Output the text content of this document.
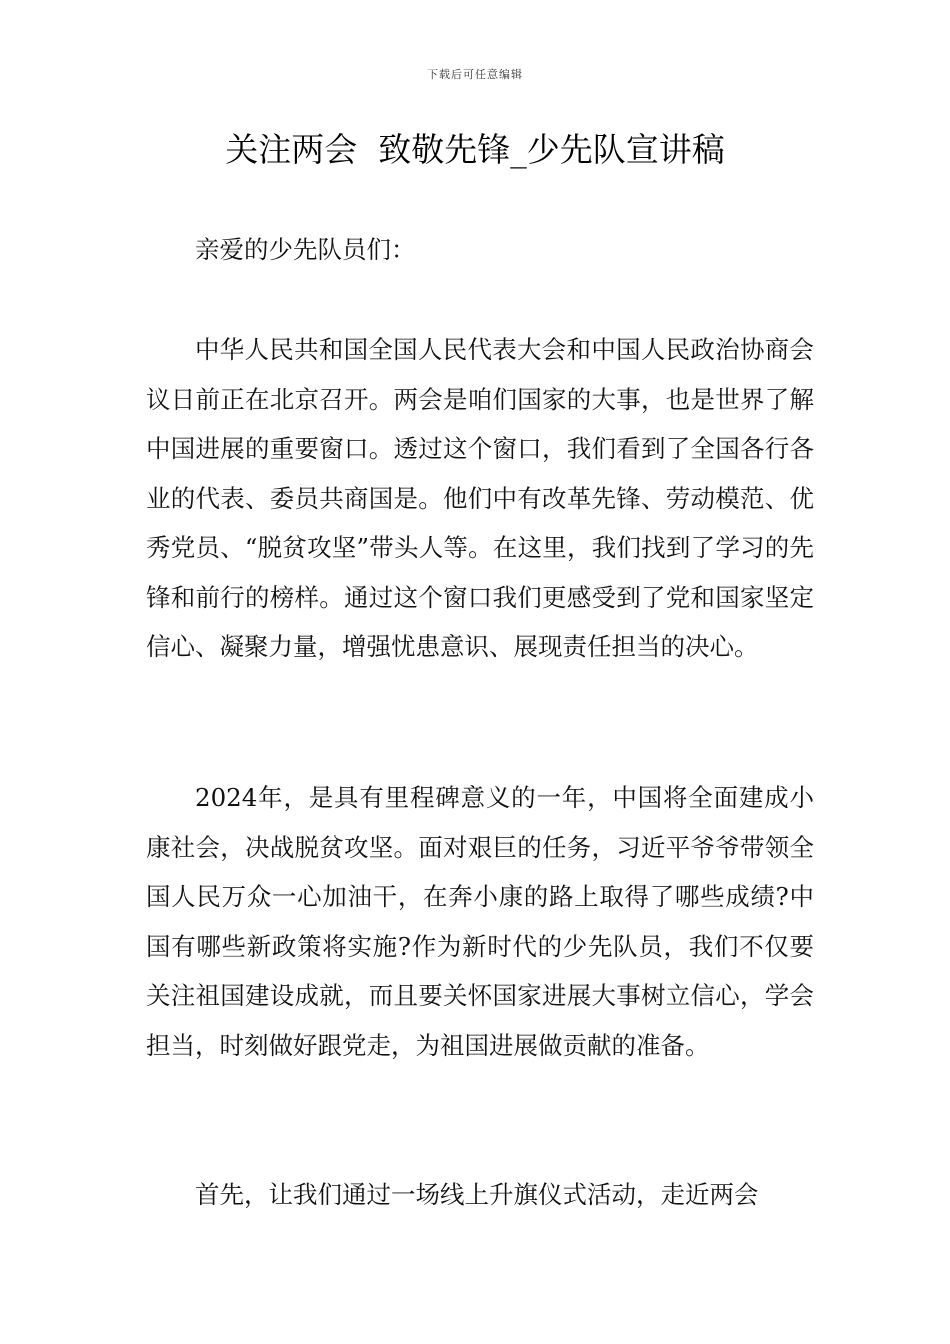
下载后可任意编辑
关注两会  致敬先锋_少先队宣讲稿

亲爱的少先队员们：

中华人民共和国全国人民代表大会和中国人民政治协商会议日前正在北京召开。两会是咱们国家的大事，也是世界了解中国进展的重要窗口。透过这个窗口，我们看到了全国各行各业的代表、委员共商国是。他们中有改革先锋、劳动模范、优秀党员、“脱贫攻坚”带头人等。在这里，我们找到了学习的先锋和前行的榜样。通过这个窗口我们更感受到了党和国家坚定信心、凝聚力量，增强忧患意识、展现责任担当的决心。

2024年，是具有里程碑意义的一年，中国将全面建成小康社会，决战脱贫攻坚。面对艰巨的任务，习近平爷爷带领全国人民万众一心加油干，在奔小康的路上取得了哪些成绩?中国有哪些新政策将实施?作为新时代的少先队员，我们不仅要关注祖国建设成就，而且要关怀国家进展大事树立信心，学会担当，时刻做好跟党走，为祖国进展做贡献的准备。

首先，让我们通过一场线上升旗仪式活动，走近两会
